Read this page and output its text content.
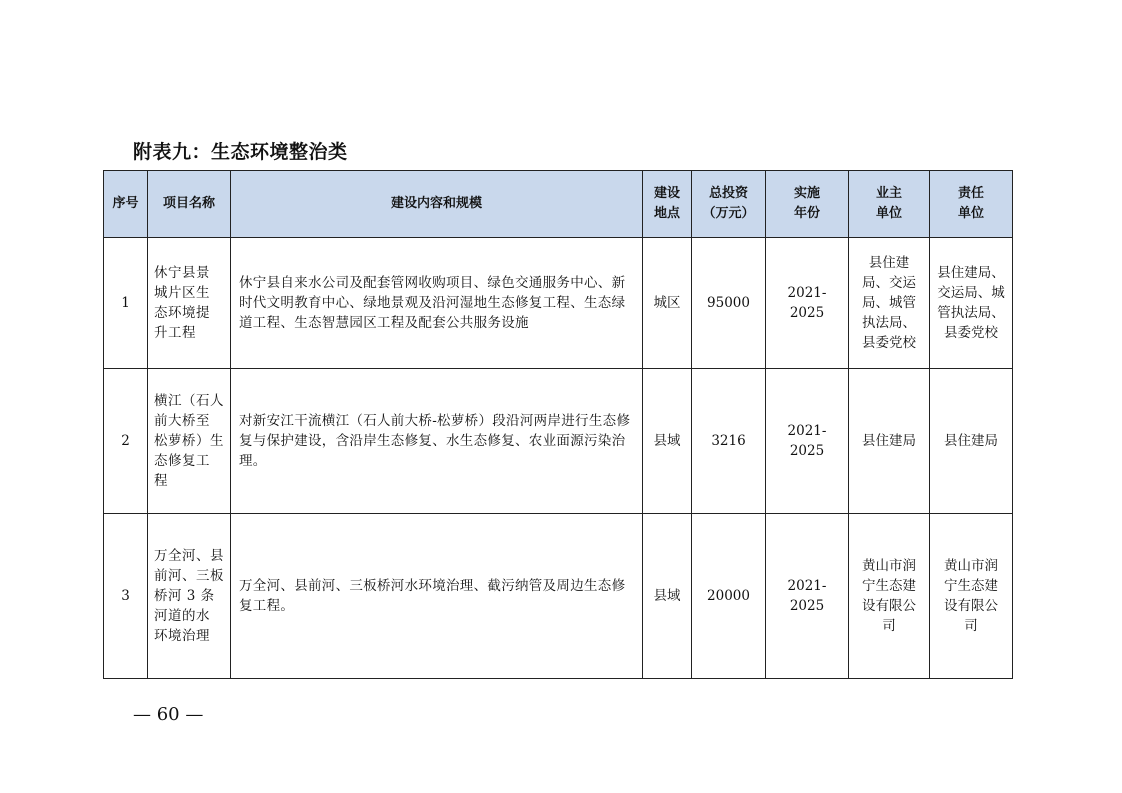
附表九：生态环境整治类
序号	项目名称	建设内容和规模	建设
地点	总投资
（万元）	实施
年份	业主
单位	责任
单位
1	休宁县景
城片区生
态环境提
升工程	休宁县自来水公司及配套管网收购项目、绿色交通服务中心、新时代文明教育中心、绿地景观及沿河湿地生态修复工程、生态绿道工程、生态智慧园区工程及配套公共服务设施	城区	95000	2021-2025	县住建
局、交运
局、城管
执法局、
县委党校	县住建局、
交运局、城
管执法局、
县委党校
2	横江（石人
前大桥至
松萝桥）生
态修复工
程	对新安江干流横江（石人前大桥-松萝桥）段沿河两岸进行生态修复与保护建设，含沿岸生态修复、水生态修复、农业面源污染治理。	县域	3216	2021-2025	县住建局	县住建局
3	万全河、县
前河、三板
桥河 3 条
河道的水
环境治理	万全河、县前河、三板桥河水环境治理、截污纳管及周边生态修复工程。	县域	20000	2021-2025	黄山市润
宁生态建
设有限公
司	黄山市润
宁生态建
设有限公
司
— 60 —
